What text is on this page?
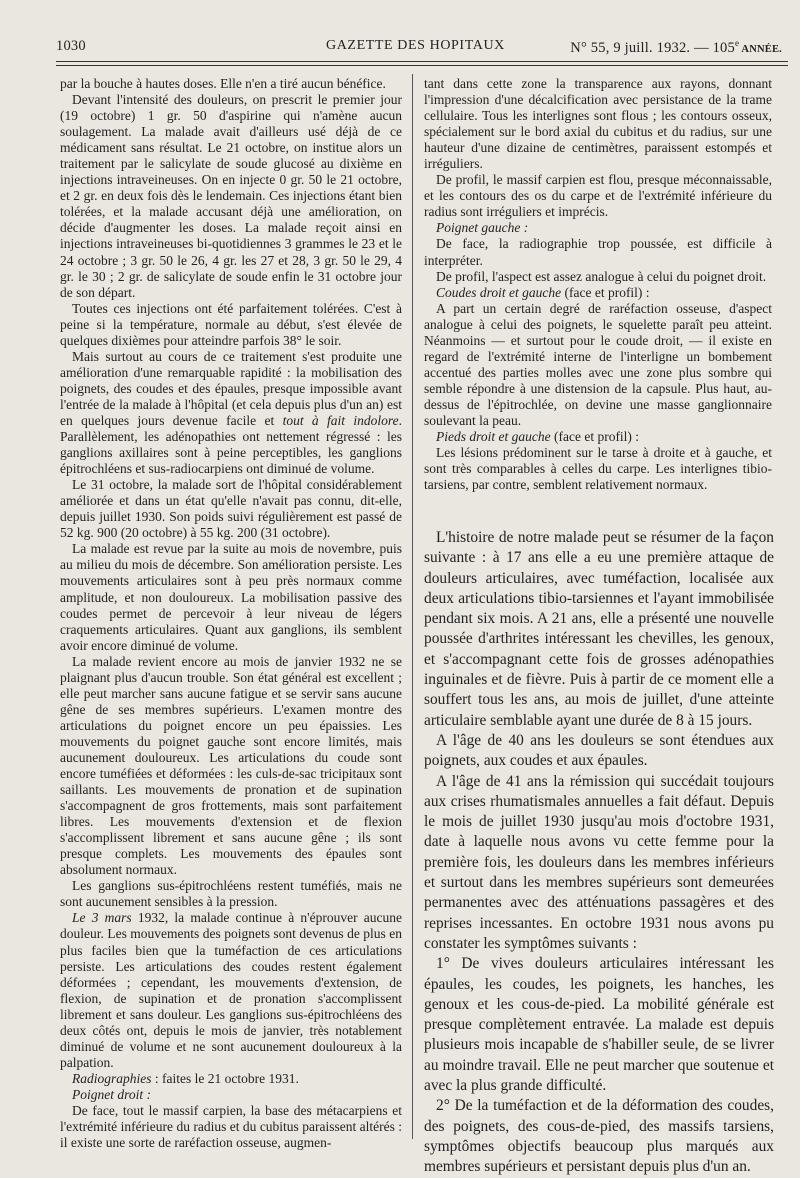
1030	GAZETTE DES HOPITAUX	N° 55, 9 juill. 1932. — 105e ANNÉE.

par la bouche à hautes doses. Elle n'en a tiré aucun bénéfice.

Devant l'intensité des douleurs, on prescrit le premier jour (19 octobre) 1 gr. 50 d'aspirine qui n'amène aucun soulagement. La malade avait d'ailleurs usé déjà de ce médicament sans résultat. Le 21 octobre, on institue alors un traitement par le salicylate de soude glucosé au dixième en injections intraveineuses. On en injecte 0 gr. 50 le 21 octobre, et 2 gr. en deux fois dès le lendemain. Ces injections étant bien tolérées, et la malade accusant déjà une amélioration, on décide d'augmenter les doses. La malade reçoit ainsi en injections intraveineuses bi-quotidiennes 3 grammes le 23 et le 24 octobre ; 3 gr. 50 le 26, 4 gr. les 27 et 28, 3 gr. 50 le 29, 4 gr. le 30 ; 2 gr. de salicylate de soude enfin le 31 octobre jour de son départ.

Toutes ces injections ont été parfaitement tolérées. C'est à peine si la température, normale au début, s'est élevée de quelques dixièmes pour atteindre parfois 38° le soir.

Mais surtout au cours de ce traitement s'est produite une amélioration d'une remarquable rapidité : la mobilisation des poignets, des coudes et des épaules, presque impossible avant l'entrée de la malade à l'hôpital (et cela depuis plus d'un an) est en quelques jours devenue facile et tout à fait indolore. Parallèlement, les adénopathies ont nettement régressé : les ganglions axillaires sont à peine perceptibles, les ganglions épitrochléens et sus-radiocarpiens ont diminué de volume.

Le 31 octobre, la malade sort de l'hôpital considérablement améliorée et dans un état qu'elle n'avait pas connu, dit-elle, depuis juillet 1930. Son poids suivi régulièrement est passé de 52 kg. 900 (20 octobre) à 55 kg. 200 (31 octobre).

La malade est revue par la suite au mois de novembre, puis au milieu du mois de décembre. Son amélioration persiste. Les mouvements articulaires sont à peu près normaux comme amplitude, et non douloureux. La mobilisation passive des coudes permet de percevoir à leur niveau de légers craquements articulaires. Quant aux ganglions, ils semblent avoir encore diminué de volume.

La malade revient encore au mois de janvier 1932 ne se plaignant plus d'aucun trouble. Son état général est excellent ; elle peut marcher sans aucune fatigue et se servir sans aucune gêne de ses membres supérieurs. L'examen montre des articulations du poignet encore un peu épaissies. Les mouvements du poignet gauche sont encore limités, mais aucunement douloureux. Les articulations du coude sont encore tuméfiées et déformées : les culs-de-sac tricipitaux sont saillants. Les mouvements de pronation et de supination s'accompagnent de gros frottements, mais sont parfaitement libres. Les mouvements d'extension et de flexion s'accomplissent librement et sans aucune gêne ; ils sont presque complets. Les mouvements des épaules sont absolument normaux.

Les ganglions sus-épitrochléens restent tuméfiés, mais ne sont aucunement sensibles à la pression.

Le 3 mars 1932, la malade continue à n'éprouver aucune douleur. Les mouvements des poignets sont devenus de plus en plus faciles bien que la tuméfaction de ces articulations persiste. Les articulations des coudes restent également déformées ; cependant, les mouvements d'extension, de flexion, de supination et de pronation s'accomplissent librement et sans douleur. Les ganglions sus-épitrochléens des deux côtés ont, depuis le mois de janvier, très notablement diminué de volume et ne sont aucunement douloureux à la palpation.

Radiographies : faites le 21 octobre 1931.

Poignet droit :

De face, tout le massif carpien, la base des métacarpiens et l'extrémité inférieure du radius et du cubitus paraissent altérés : il existe une sorte de raréfaction osseuse, augmen-

tant dans cette zone la transparence aux rayons, donnant l'impression d'une décalcification avec persistance de la trame cellulaire. Tous les interlignes sont flous ; les contours osseux, spécialement sur le bord axial du cubitus et du radius, sur une hauteur d'une dizaine de centimètres, paraissent estompés et irréguliers.

De profil, le massif carpien est flou, presque méconnaissable, et les contours des os du carpe et de l'extrémité inférieure du radius sont irréguliers et imprécis.

Poignet gauche :

De face, la radiographie trop poussée, est difficile à interpréter.

De profil, l'aspect est assez analogue à celui du poignet droit.

Coudes droit et gauche (face et profil) :

A part un certain degré de raréfaction osseuse, d'aspect analogue à celui des poignets, le squelette paraît peu atteint. Néanmoins — et surtout pour le coude droit, — il existe en regard de l'extrémité interne de l'interligne un bombement accentué des parties molles avec une zone plus sombre qui semble répondre à une distension de la capsule. Plus haut, au-dessus de l'épitrochlée, on devine une masse ganglionnaire soulevant la peau.

Pieds droit et gauche (face et profil) :

Les lésions prédominent sur le tarse à droite et à gauche, et sont très comparables à celles du carpe. Les interlignes tibio-tarsiens, par contre, semblent relativement normaux.

L'histoire de notre malade peut se résumer de la façon suivante : à 17 ans elle a eu une première attaque de douleurs articulaires, avec tuméfaction, localisée aux deux articulations tibio-tarsiennes et l'ayant immobilisée pendant six mois. A 21 ans, elle a présenté une nouvelle poussée d'arthrites intéressant les chevilles, les genoux, et s'accompagnant cette fois de grosses adénopathies inguinales et de fièvre. Puis à partir de ce moment elle a souffert tous les ans, au mois de juillet, d'une atteinte articulaire semblable ayant une durée de 8 à 15 jours.

A l'âge de 40 ans les douleurs se sont étendues aux poignets, aux coudes et aux épaules.

A l'âge de 41 ans la rémission qui succédait toujours aux crises rhumatismales annuelles a fait défaut. Depuis le mois de juillet 1930 jusqu'au mois d'octobre 1931, date à laquelle nous avons vu cette femme pour la première fois, les douleurs dans les membres inférieurs et surtout dans les membres supérieurs sont demeurées permanentes avec des atténuations passagères et des reprises incessantes. En octobre 1931 nous avons pu constater les symptômes suivants :

1° De vives douleurs articulaires intéressant les épaules, les coudes, les poignets, les hanches, les genoux et les cous-de-pied. La mobilité générale est presque complètement entravée. La malade est depuis plusieurs mois incapable de s'habiller seule, de se livrer au moindre travail. Elle ne peut marcher que soutenue et avec la plus grande difficulté.

2° De la tuméfaction et de la déformation des coudes, des poignets, des cous-de-pied, des massifs tarsiens, symptômes objectifs beaucoup plus marqués aux membres supérieurs et persistant depuis plus d'un an.
